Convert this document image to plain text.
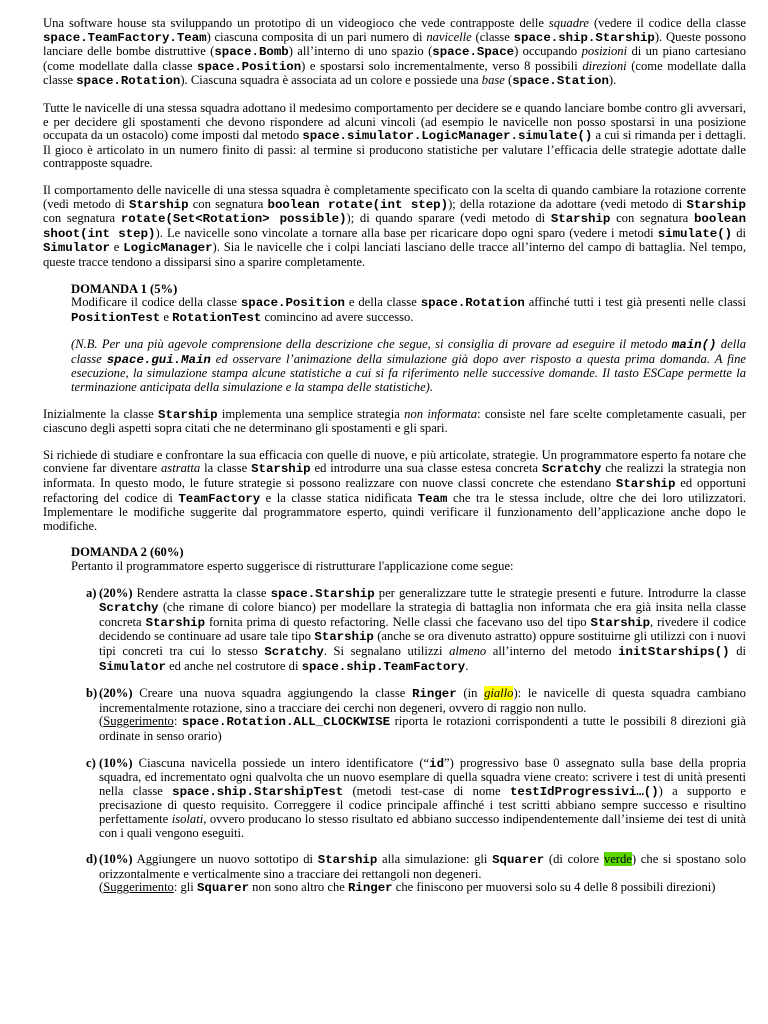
Una software house sta sviluppando un prototipo di un videogioco che vede contrapposte delle squadre (vedere il codice della classe space.TeamFactory.Team) ciascuna composita di un pari numero di navicelle (classe space.ship.Starship). Queste possono lanciare delle bombe distruttive (space.Bomb) all’interno di uno spazio (space.Space) occupando posizioni di un piano cartesiano (come modellate dalla classe space.Position) e spostarsi solo incrementalmente, verso 8 possibili direzioni (come modellate dalla classe space.Rotation). Ciascuna squadra è associata ad un colore e possiede una base (space.Station).

Tutte le navicelle di una stessa squadra adottano il medesimo comportamento per decidere se e quando lanciare bombe contro gli avversari, e per decidere gli spostamenti che devono rispondere ad alcuni vincoli (ad esempio le navicelle non posso spostarsi in una posizione occupata da un ostacolo) come imposti dal metodo space.simulator.LogicManager.simulate() a cui si rimanda per i dettagli. Il gioco è articolato in un numero finito di passi: al termine si producono statistiche per valutare l’efficacia delle strategie adottate dalle contrapposte squadre.

Il comportamento delle navicelle di una stessa squadra è completamente specificato con la scelta di quando cambiare la rotazione corrente (vedi metodo di Starship con segnatura boolean rotate(int step)); della rotazione da adottare (vedi metodo di Starship con segnatura rotate(Set<Rotation> possible)); di quando sparare (vedi metodo di Starship con segnatura boolean shoot(int step)). Le navicelle sono vincolate a tornare alla base per ricaricare dopo ogni sparo (vedere i metodi simulate() di Simulator e LogicManager). Sia le navicelle che i colpi lanciati lasciano delle tracce all’interno del campo di battaglia. Nel tempo, queste tracce tendono a dissiparsi sino a sparire completamente.

DOMANDA 1 (5%)

Modificare il codice della classe space.Position e della classe space.Rotation affinché tutti i test già presenti nelle classi PositionTest e RotationTest comincino ad avere successo.

(N.B. Per una più agevole comprensione della descrizione che segue, si consiglia di provare ad eseguire il metodo main() della classe space.gui.Main ed osservare l’animazione della simulazione già dopo aver risposto a questa prima domanda. A fine esecuzione, la simulazione stampa alcune statistiche a cui si fa riferimento nelle successive domande. Il tasto ESCape permette la terminazione anticipata della simulazione e la stampa delle statistiche).

Inizialmente la classe Starship implementa una semplice strategia non informata: consiste nel fare scelte completamente casuali, per ciascuno degli aspetti sopra citati che ne determinano gli spostamenti e gli spari.

Si richiede di studiare e confrontare la sua efficacia con quelle di nuove, e più articolate, strategie. Un programmatore esperto fa notare che conviene far diventare astratta la classe Starship ed introdurre una sua classe estesa concreta Scratchy che realizzi la strategia non informata. In questo modo, le future strategie si possono realizzare con nuove classi concrete che estendano Starship ed opportuni refactoring del codice di TeamFactory e la classe statica nidificata Team che tra le stessa include, oltre che dei loro utilizzatori. Implementare le modifiche suggerite dal programmatore esperto, quindi verificare il funzionamento dell’applicazione anche dopo le modifiche.

DOMANDA 2 (60%)

Pertanto il programmatore esperto suggerisce di ristrutturare l'applicazione come segue:

a) (20%) Rendere astratta la classe space.Starship per generalizzare tutte le strategie presenti e future. Introdurre la classe Scratchy (che rimane di colore bianco) per modellare la strategia di battaglia non informata che era già insita nella classe concreta Starship fornita prima di questo refactoring. Nelle classi che facevano uso del tipo Starship, rivedere il codice decidendo se continuare ad usare tale tipo Starship (anche se ora divenuto astratto) oppure sostituirne gli utilizzi con i nuovi tipi concreti tra cui lo stesso Scratchy. Si segnalano utilizzi almeno all’interno del metodo initStarships() di Simulator ed anche nel costrutore di space.ship.TeamFactory.

b) (20%) Creare una nuova squadra aggiungendo la classe Ringer (in giallo): le navicelle di questa squadra cambiano incrementalmente rotazione, sino a tracciare dei cerchi non degeneri, ovvero di raggio non nullo.
(Suggerimento: space.Rotation.ALL_CLOCKWISE riporta le rotazioni corrispondenti a tutte le possibili 8 direzioni già ordinate in senso orario)

c) (10%) Ciascuna navicella possiede un intero identificatore (“id”) progressivo base 0 assegnato sulla base della propria squadra, ed incrementato ogni qualvolta che un nuovo esemplare di quella squadra viene creato: scrivere i test di unità presenti nella classe space.ship.StarshipTest (metodi test-case di nome testIdProgressivi…()) a supporto e precisazione di questo requisito. Correggere il codice principale affinché i test scritti abbiano sempre successo e risultino perfettamente isolati, ovvero producano lo stesso risultato ed abbiano successo indipendentemente dall’insieme dei test di unità con i quali vengono eseguiti.

d) (10%) Aggiungere un nuovo sottotipo di Starship alla simulazione: gli Squarer (di colore verde) che si spostano solo orizzontalmente e verticalmente sino a tracciare dei rettangoli non degeneri.
(Suggerimento: gli Squarer non sono altro che Ringer che finiscono per muoversi solo su 4 delle 8 possibili direzioni)
